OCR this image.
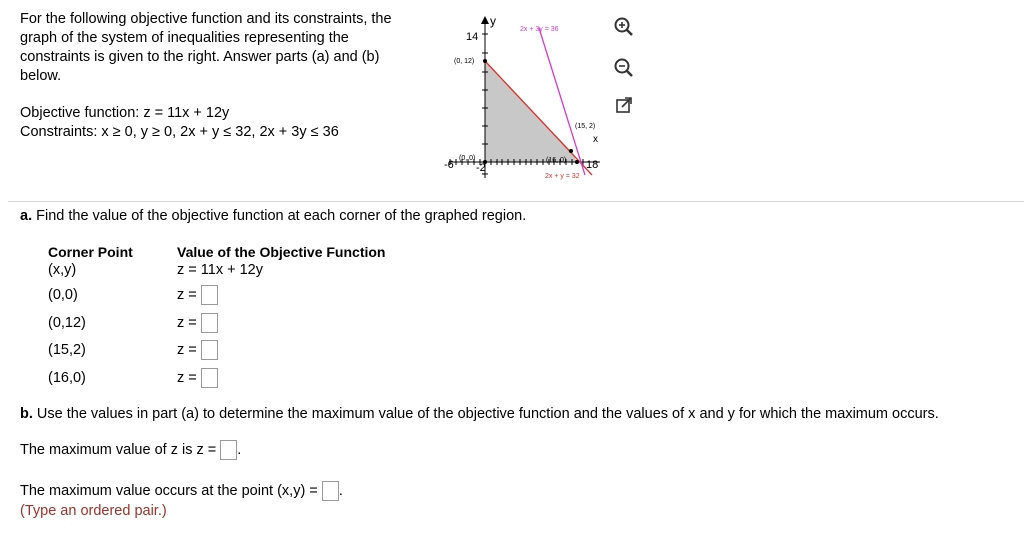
For the following objective function and its constraints, the
graph of the system of inequalities representing the
constraints is given to the right. Answer parts (a) and (b)
below.
Objective function: z = 11x + 12y
Constraints: x ≥ 0, y ≥ 0, 2x + y ≤ 32, 2x + 3y ≤ 36
y
x
14
18
-6 -2
2x + 3y = 36
2x + y = 32
(0, 12)
(15, 2)
(16, 0)
(0, 0)
a. Find the value of the objective function at each corner of the graphed region.
Corner Point	Value of the Objective Function
(x,y)	z = 11x + 12y
(0,0)	z =
(0,12)	z =
(15,2)	z =
(16,0)	z =
b. Use the values in part (a) to determine the maximum value of the objective function and the values of x and y for which the maximum occurs.
The maximum value of z is z = .
The maximum value occurs at the point (x,y) = .
(Type an ordered pair.)
